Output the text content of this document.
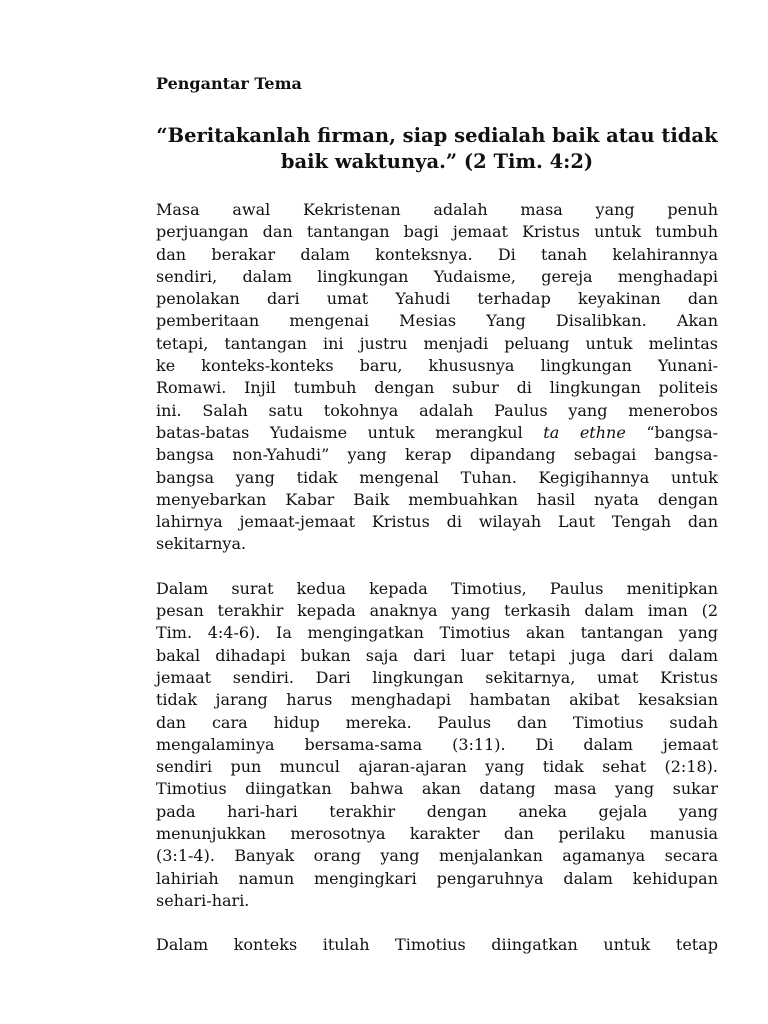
Pengantar Tema
“Beritakanlah firman, siap sedialah baik atau tidak
baik waktunya.” (2 Tim. 4:2)
Masa awal Kekristenan adalah masa yang penuh
perjuangan dan tantangan bagi jemaat Kristus untuk tumbuh
dan berakar dalam konteksnya. Di tanah kelahirannya
sendiri, dalam lingkungan Yudaisme, gereja menghadapi
penolakan dari umat Yahudi terhadap keyakinan dan
pemberitaan mengenai Mesias Yang Disalibkan. Akan
tetapi, tantangan ini justru menjadi peluang untuk melintas
ke konteks-konteks baru, khususnya lingkungan Yunani-
Romawi. Injil tumbuh dengan subur di lingkungan politeis
ini. Salah satu tokohnya adalah Paulus yang menerobos
batas-batas Yudaisme untuk merangkul ta ethne “bangsa-
bangsa non-Yahudi” yang kerap dipandang sebagai bangsa-
bangsa yang tidak mengenal Tuhan. Kegigihannya untuk
menyebarkan Kabar Baik membuahkan hasil nyata dengan
lahirnya jemaat-jemaat Kristus di wilayah Laut Tengah dan
sekitarnya.
Dalam surat kedua kepada Timotius, Paulus menitipkan
pesan terakhir kepada anaknya yang terkasih dalam iman (2
Tim. 4:4-6). Ia mengingatkan Timotius akan tantangan yang
bakal dihadapi bukan saja dari luar tetapi juga dari dalam
jemaat sendiri. Dari lingkungan sekitarnya, umat Kristus
tidak jarang harus menghadapi hambatan akibat kesaksian
dan cara hidup mereka. Paulus dan Timotius sudah
mengalaminya bersama-sama (3:11). Di dalam jemaat
sendiri pun muncul ajaran-ajaran yang tidak sehat (2:18).
Timotius diingatkan bahwa akan datang masa yang sukar
pada hari-hari terakhir dengan aneka gejala yang
menunjukkan merosotnya karakter dan perilaku manusia
(3:1-4). Banyak orang yang menjalankan agamanya secara
lahiriah namun mengingkari pengaruhnya dalam kehidupan
sehari-hari.
Dalam konteks itulah Timotius diingatkan untuk tetap
